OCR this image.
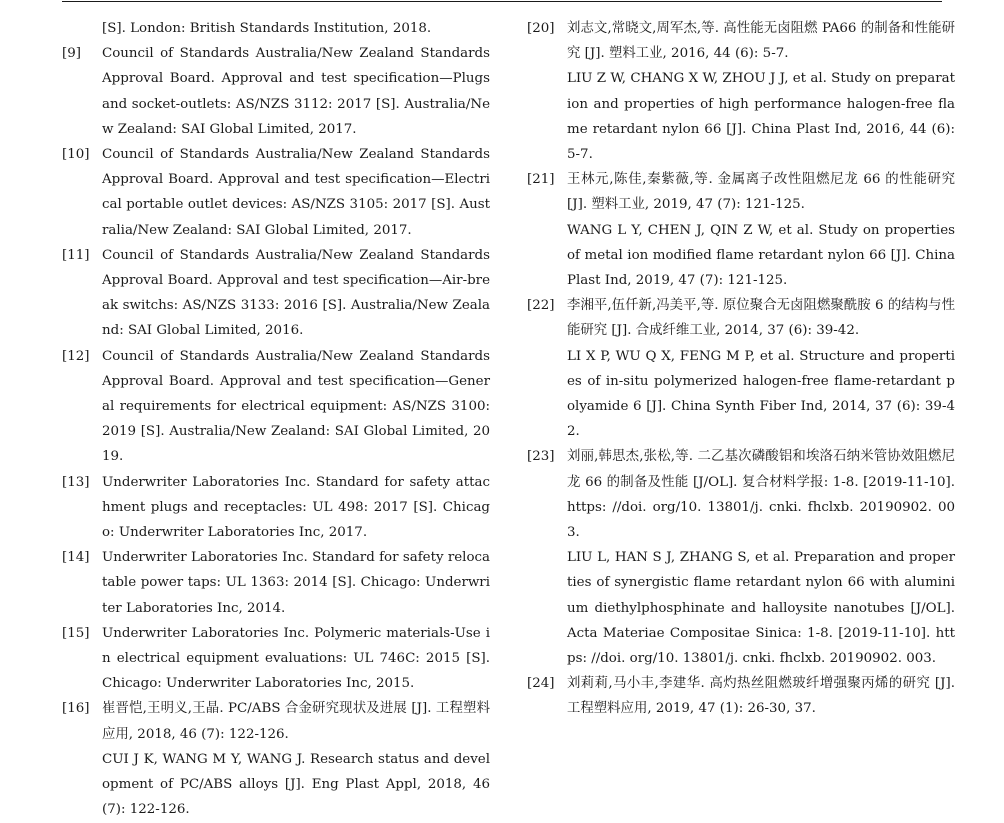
[S]. London: British Standards Institution, 2018.
[9] Council of Standards Australia/New Zealand Standards Approval Board. Approval and test specification—Plugs and socket-outlets: AS/NZS 3112: 2017 [S]. Australia/New Zealand: SAI Global Limited, 2017.
[10] Council of Standards Australia/New Zealand Standards Approval Board. Approval and test specification—Electrical portable outlet devices: AS/NZS 3105: 2017 [S]. Australia/New Zealand: SAI Global Limited, 2017.
[11] Council of Standards Australia/New Zealand Standards Approval Board. Approval and test specification—Air-break switchs: AS/NZS 3133: 2016 [S]. Australia/New Zealand: SAI Global Limited, 2016.
[12] Council of Standards Australia/New Zealand Standards Approval Board. Approval and test specification—General requirements for electrical equipment: AS/NZS 3100: 2019 [S]. Australia/New Zealand: SAI Global Limited, 2019.
[13] Underwriter Laboratories Inc. Standard for safety attachment plugs and receptacles: UL 498: 2017 [S]. Chicago: Underwriter Laboratories Inc, 2017.
[14] Underwriter Laboratories Inc. Standard for safety relocatable power taps: UL 1363: 2014 [S]. Chicago: Underwriter Laboratories Inc, 2014.
[15] Underwriter Laboratories Inc. Polymeric materials-Use in electrical equipment evaluations: UL 746C: 2015 [S]. Chicago: Underwriter Laboratories Inc, 2015.
[16] 崔晋恺,王明义,王晶. PC/ABS 合金研究现状及进展 [J]. 工程塑料应用, 2018, 46 (7): 122-126.
CUI J K, WANG M Y, WANG J. Research status and development of PC/ABS alloys [J]. Eng Plast Appl, 2018, 46 (7): 122-126.
[20] 刘志文,常晓文,周军杰,等. 高性能无卤阻燃 PA66 的制备和性能研究 [J]. 塑料工业, 2016, 44 (6): 5-7.
LIU Z W, CHANG X W, ZHOU J J, et al. Study on preparation and properties of high performance halogen-free flame retardant nylon 66 [J]. China Plast Ind, 2016, 44 (6): 5-7.
[21] 王林元,陈佳,秦紫薇,等. 金属离子改性阻燃尼龙 66 的性能研究 [J]. 塑料工业, 2019, 47 (7): 121-125.
WANG L Y, CHEN J, QIN Z W, et al. Study on properties of metal ion modified flame retardant nylon 66 [J]. China Plast Ind, 2019, 47 (7): 121-125.
[22] 李湘平,伍仟新,冯美平,等. 原位聚合无卤阻燃聚酰胺 6 的结构与性能研究 [J]. 合成纤维工业, 2014, 37 (6): 39-42.
LI X P, WU Q X, FENG M P, et al. Structure and properties of in-situ polymerized halogen-free flame-retardant polyamide 6 [J]. China Synth Fiber Ind, 2014, 37 (6): 39-42.
[23] 刘丽,韩思杰,张松,等. 二乙基次磷酸铝和埃洛石纳米管协效阻燃尼龙 66 的制备及性能 [J/OL]. 复合材料学报: 1-8. [2019-11-10]. https: //doi. org/10. 13801/j. cnki. fhclxb. 20190902. 003.
LIU L, HAN S J, ZHANG S, et al. Preparation and properties of synergistic flame retardant nylon 66 with aluminium diethylphosphinate and halloysite nanotubes [J/OL]. Acta Materiae Compositae Sinica: 1-8. [2019-11-10]. https: //doi. org/10. 13801/j. cnki. fhclxb. 20190902. 003.
[24] 刘莉莉,马小丰,李建华. 高灼热丝阻燃玻纤增强聚丙烯的研究 [J]. 工程塑料应用, 2019, 47 (1): 26-30, 37.
